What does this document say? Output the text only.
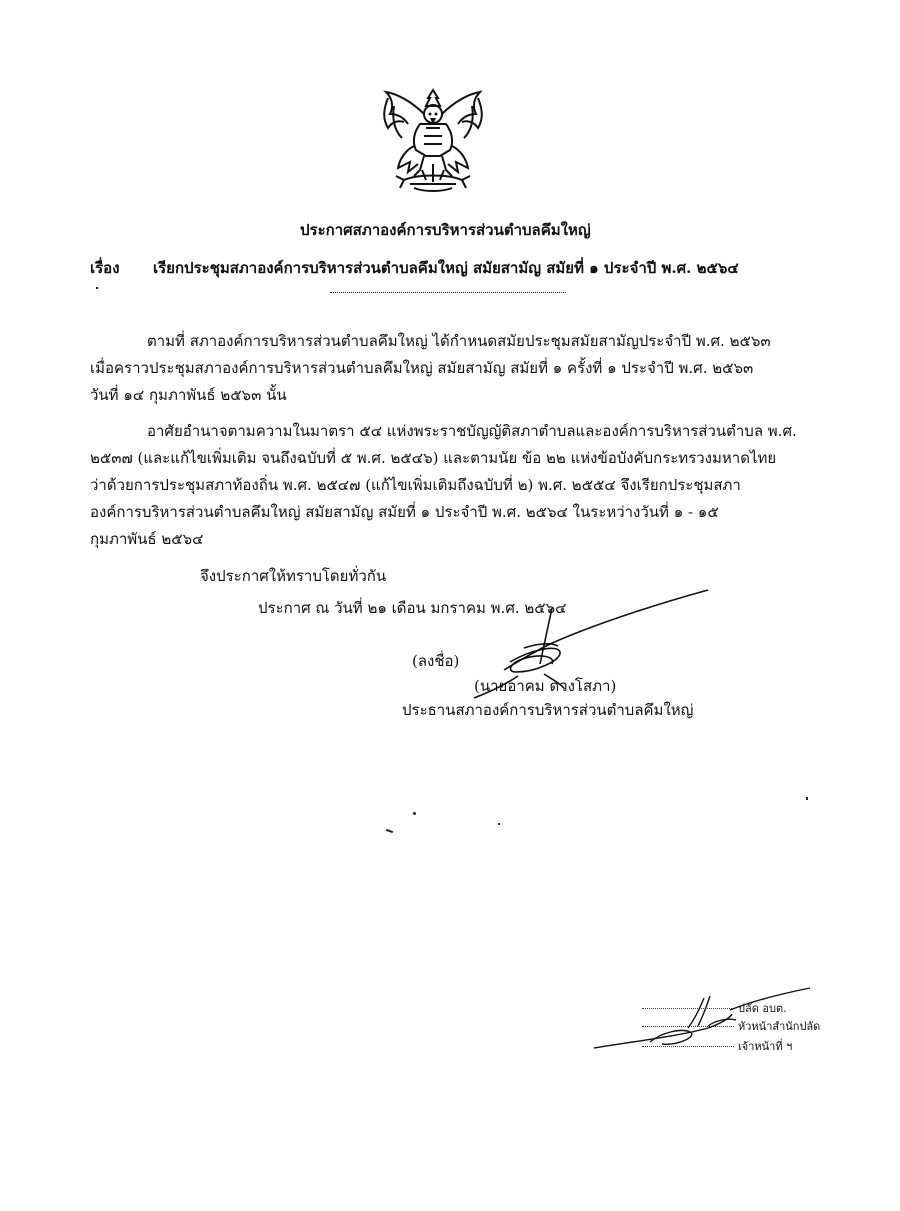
ประกาศสภาองค์การบริหารส่วนตำบลคึมใหญ่
เรื่อง เรียกประชุมสภาองค์การบริหารส่วนตำบลคึมใหญ่ สมัยสามัญ สมัยที่ ๑ ประจำปี พ.ศ. ๒๕๖๔
ตามที่ สภาองค์การบริหารส่วนตำบลคึมใหญ่ ได้กำหนดสมัยประชุมสมัยสามัญประจำปี พ.ศ. ๒๕๖๓
เมื่อคราวประชุมสภาองค์การบริหารส่วนตำบลคึมใหญ่ สมัยสามัญ สมัยที่ ๑ ครั้งที่ ๑ ประจำปี พ.ศ. ๒๕๖๓
วันที่ ๑๔ กุมภาพันธ์ ๒๕๖๓ นั้น
อาศัยอำนาจตามความในมาตรา ๕๔ แห่งพระราชบัญญัติสภาตำบลและองค์การบริหารส่วนตำบล พ.ศ.
๒๕๓๗ (และแก้ไขเพิ่มเติม จนถึงฉบับที่ ๕ พ.ศ. ๒๕๔๖) และตามนัย ข้อ ๒๒ แห่งข้อบังคับกระทรวงมหาดไทย
ว่าด้วยการประชุมสภาท้องถิ่น พ.ศ. ๒๕๔๗ (แก้ไขเพิ่มเติมถึงฉบับที่ ๒) พ.ศ. ๒๕๕๔ จึงเรียกประชุมสภา
องค์การบริหารส่วนตำบลคึมใหญ่ สมัยสามัญ สมัยที่ ๑ ประจำปี พ.ศ. ๒๕๖๔ ในระหว่างวันที่ ๑ - ๑๕
กุมภาพันธ์ ๒๕๖๔
จึงประกาศให้ทราบโดยทั่วกัน
ประกาศ ณ วันที่ ๒๑ เดือน มกราคม พ.ศ. ๒๕๖๔
(ลงชื่อ)
(นายอาคม ดวงโสภา)
ประธานสภาองค์การบริหารส่วนตำบลคึมใหญ่
ปลัด อบต.
หัวหน้าสำนักปลัด
เจ้าหน้าที่ ฯ
